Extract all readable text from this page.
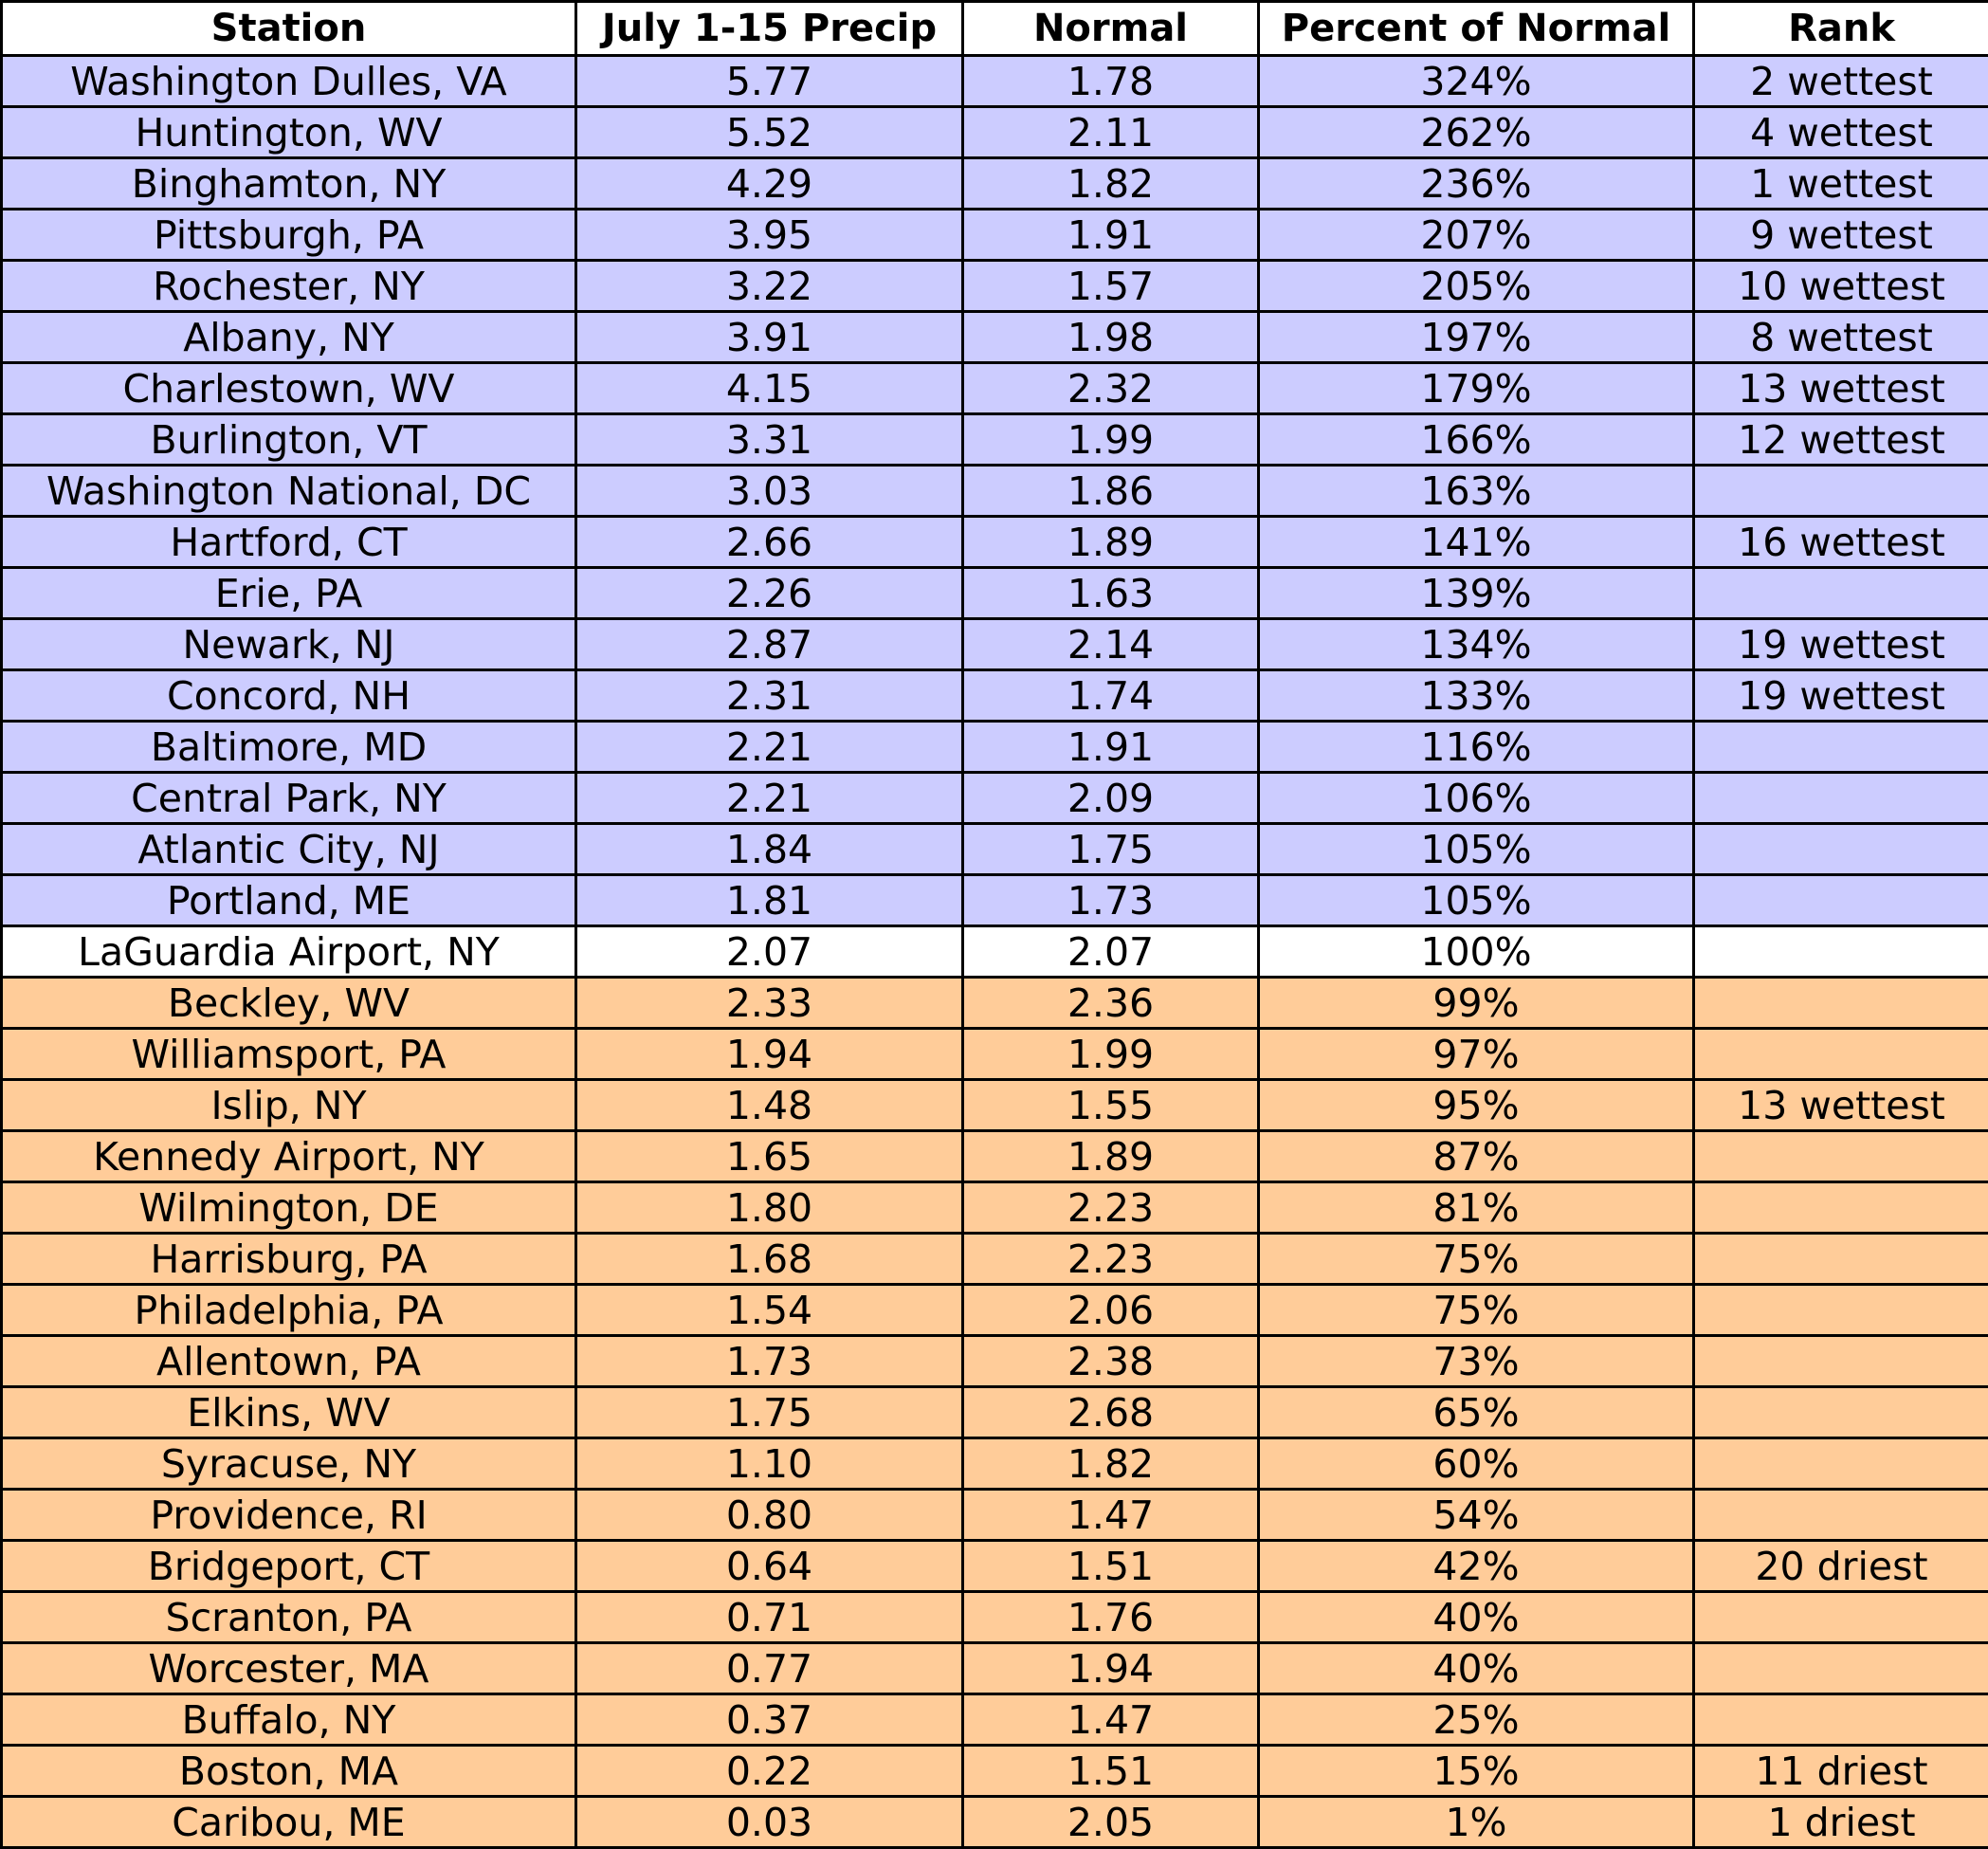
Station	July 1-15 Precip	Normal	Percent of Normal	Rank
Washington Dulles, VA	5.77	1.78	324%	2 wettest
Huntington, WV	5.52	2.11	262%	4 wettest
Binghamton, NY	4.29	1.82	236%	1 wettest
Pittsburgh, PA	3.95	1.91	207%	9 wettest
Rochester, NY	3.22	1.57	205%	10 wettest
Albany, NY	3.91	1.98	197%	8 wettest
Charlestown, WV	4.15	2.32	179%	13 wettest
Burlington, VT	3.31	1.99	166%	12 wettest
Washington National, DC	3.03	1.86	163%	
Hartford, CT	2.66	1.89	141%	16 wettest
Erie, PA	2.26	1.63	139%	
Newark, NJ	2.87	2.14	134%	19 wettest
Concord, NH	2.31	1.74	133%	19 wettest
Baltimore, MD	2.21	1.91	116%	
Central Park, NY	2.21	2.09	106%	
Atlantic City, NJ	1.84	1.75	105%	
Portland, ME	1.81	1.73	105%	
LaGuardia Airport, NY	2.07	2.07	100%	
Beckley, WV	2.33	2.36	99%	
Williamsport, PA	1.94	1.99	97%	
Islip, NY	1.48	1.55	95%	13 wettest
Kennedy Airport, NY	1.65	1.89	87%	
Wilmington, DE	1.80	2.23	81%	
Harrisburg, PA	1.68	2.23	75%	
Philadelphia, PA	1.54	2.06	75%	
Allentown, PA	1.73	2.38	73%	
Elkins, WV	1.75	2.68	65%	
Syracuse, NY	1.10	1.82	60%	
Providence, RI	0.80	1.47	54%	
Bridgeport, CT	0.64	1.51	42%	20 driest
Scranton, PA	0.71	1.76	40%	
Worcester, MA	0.77	1.94	40%	
Buffalo, NY	0.37	1.47	25%	
Boston, MA	0.22	1.51	15%	11 driest
Caribou, ME	0.03	2.05	1%	1 driest
